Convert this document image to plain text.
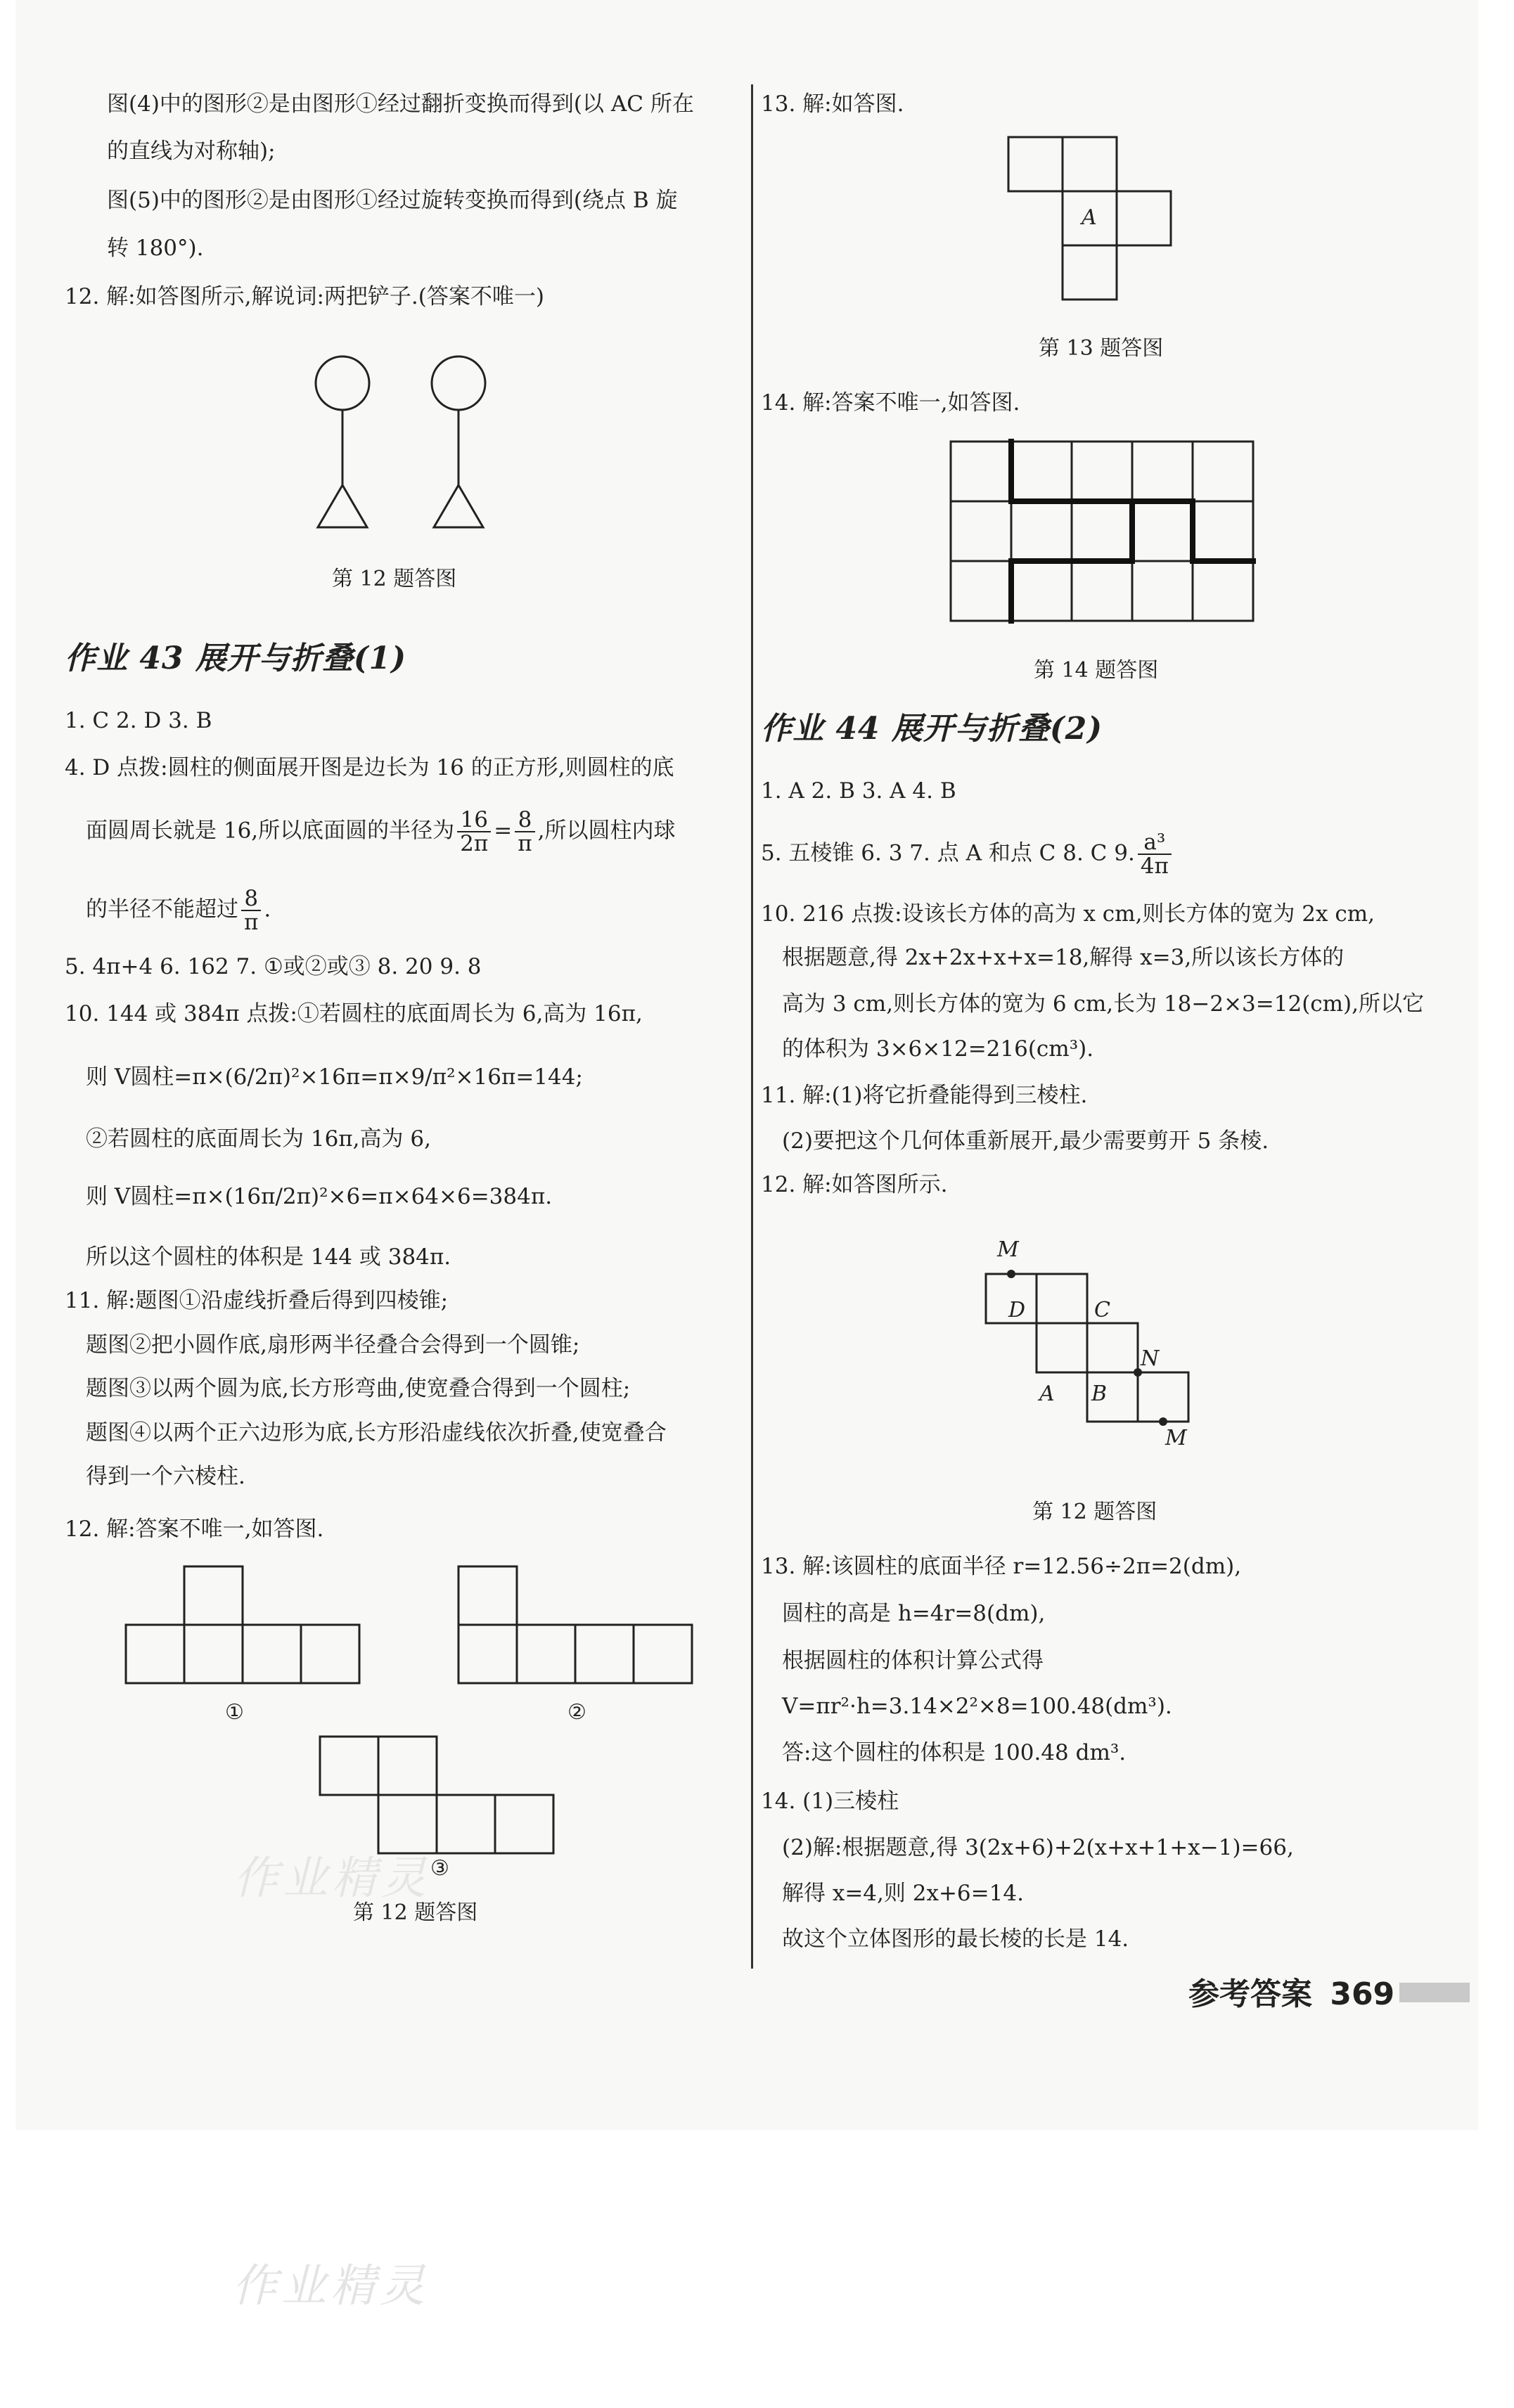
图(4)中的图形②是由图形①经过翻折变换而得到(以 AC 所在
的直线为对称轴);
图(5)中的图形②是由图形①经过旋转变换而得到(绕点 B 旋
转 180°).
12. 解:如答图所示,解说词:两把铲子.(答案不唯一)
第 12 题答图
作业 43 展开与折叠(1)
1. C 2. D 3. B
4. D 点拨:圆柱的侧面展开图是边长为 16 的正方形,则圆柱的底
面圆周长就是 16,所以底面圆的半径为 $\frac{16}{2\pi} = \frac{8}{\pi}$ ,所以圆柱内球
的半径不能超过 $\frac{8}{\pi}$ .
5. 4π+4 6. 162 7. ①或②或③ 8. 20 9. 8
10. 144 或 384π 点拨:①若圆柱的底面周长为 6,高为 16π,
则 V圆柱=π×(6/2π)²×16π=π×9/π²×16π=144;
②若圆柱的底面周长为 16π,高为 6,
则 V圆柱=π×(16π/2π)²×6=π×64×6=384π.
所以这个圆柱的体积是 144 或 384π.
11. 解:题图①沿虚线折叠后得到四棱锥;
题图②把小圆作底,扇形两半径叠合会得到一个圆锥;
题图③以两个圆为底,长方形弯曲,使宽叠合得到一个圆柱;
题图④以两个正六边形为底,长方形沿虚线依次折叠,使宽叠合
得到一个六棱柱.
12. 解:答案不唯一,如答图.
①	②
③
第 12 题答图
13. 解:如答图.
A
第 13 题答图
14. 解:答案不唯一,如答图.
第 14 题答图
作业 44 展开与折叠(2)
1. A 2. B 3. A 4. B
5. 五棱锥 6. 3 7. 点 A 和点 C 8. C 9. $\frac{\text{a³}}{4\pi}$
10. 216 点拨:设该长方体的高为 x cm,则长方体的宽为 2x cm,
根据题意,得 2x+2x+x+x=18,解得 x=3,所以该长方体的
高为 3 cm,则长方体的宽为 6 cm,长为 18−2×3=12(cm),所以它
的体积为 3×6×12=216(cm³).
11. 解:(1)将它折叠能得到三棱柱.
(2)要把这个几何体重新展开,最少需要剪开 5 条棱.
12. 解:如答图所示.
M
D	C
N
A B
M
第 12 题答图
13. 解:该圆柱的底面半径 r=12.56÷2π=2(dm),
圆柱的高是 h=4r=8(dm),
根据圆柱的体积计算公式得
V=πr²·h=3.14×2²×8=100.48(dm³).
答:这个圆柱的体积是 100.48 dm³.
14. (1)三棱柱
(2)解:根据题意,得 3(2x+6)+2(x+x+1+x−1)=66,
解得 x=4,则 2x+6=14.
故这个立体图形的最长棱的长是 14.
作业精灵
参考答案 369
作业精灵
